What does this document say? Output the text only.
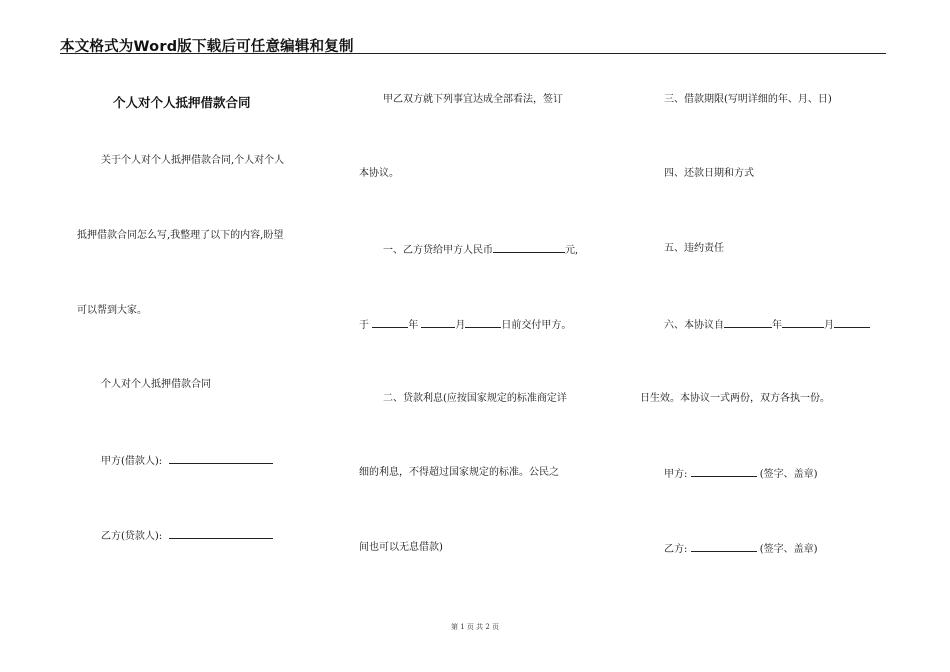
本文格式为Word版下载后可任意编辑和复制
个人对个人抵押借款合同
关于个人对个人抵押借款合同,个人对个人
抵押借款合同怎么写,我整理了以下的内容,盼望
可以帮到大家。
个人对个人抵押借款合同
甲方(借款人):
乙方(贷款人):
甲乙双方就下列事宜达成全部看法，签订
本协议。
一、乙方贷给甲方人民币	元,
于	年	月	日前交付甲方。
二、贷款利息(应按国家规定的标准商定详
细的利息，不得超过国家规定的标准。公民之
间也可以无息借款)
三、借款期限(写明详细的年、月、日)
四、还款日期和方式
五、违约责任
六、本协议自	年	月
日生效。本协议一式两份，双方各执一份。
甲方:	(签字、盖章)
乙方:	(签字、盖章)
第 1 页 共 2 页
